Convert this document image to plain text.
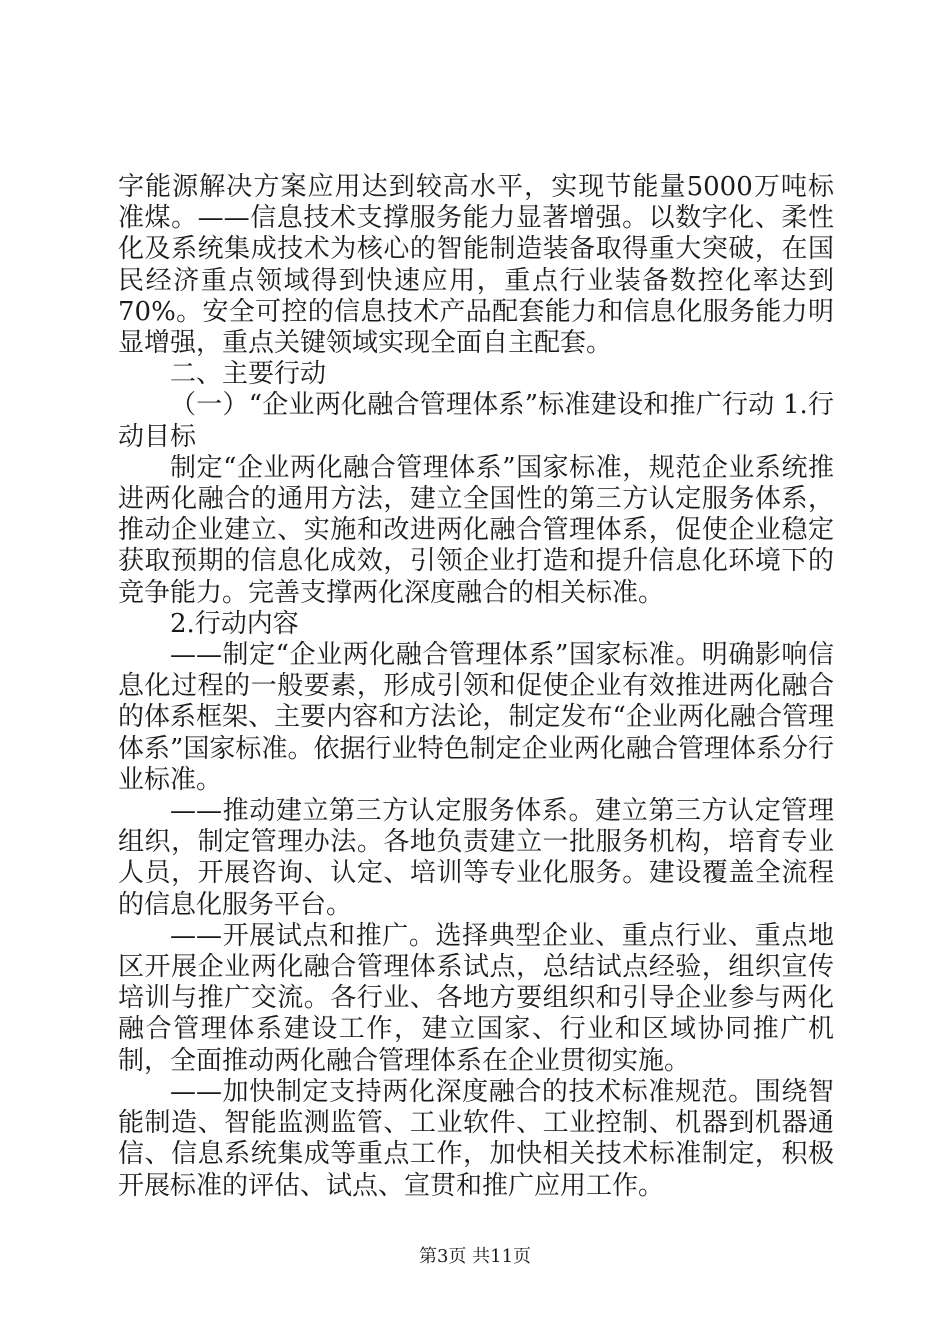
字能源解决方案应用达到较高水平，实现节能量5000万吨标准煤。——信息技术支撑服务能力显著增强。以数字化、柔性化及系统集成技术为核心的智能制造装备取得重大突破，在国民经济重点领域得到快速应用，重点行业装备数控化率达到70%。安全可控的信息技术产品配套能力和信息化服务能力明显增强，重点关键领域实现全面自主配套。

二、主要行动

（一）“企业两化融合管理体系”标准建设和推广行动 1.行动目标

制定“企业两化融合管理体系”国家标准，规范企业系统推进两化融合的通用方法，建立全国性的第三方认定服务体系，推动企业建立、实施和改进两化融合管理体系，促使企业稳定获取预期的信息化成效，引领企业打造和提升信息化环境下的竞争能力。完善支撑两化深度融合的相关标准。

2.行动内容

——制定“企业两化融合管理体系”国家标准。明确影响信息化过程的一般要素，形成引领和促使企业有效推进两化融合的体系框架、主要内容和方法论，制定发布“企业两化融合管理体系”国家标准。依据行业特色制定企业两化融合管理体系分行业标准。

——推动建立第三方认定服务体系。建立第三方认定管理组织，制定管理办法。各地负责建立一批服务机构，培育专业人员，开展咨询、认定、培训等专业化服务。建设覆盖全流程的信息化服务平台。

——开展试点和推广。选择典型企业、重点行业、重点地区开展企业两化融合管理体系试点，总结试点经验，组织宣传培训与推广交流。各行业、各地方要组织和引导企业参与两化融合管理体系建设工作，建立国家、行业和区域协同推广机制，全面推动两化融合管理体系在企业贯彻实施。

——加快制定支持两化深度融合的技术标准规范。围绕智能制造、智能监测监管、工业软件、工业控制、机器到机器通信、信息系统集成等重点工作，加快相关技术标准制定，积极开展标准的评估、试点、宣贯和推广应用工作。

第3页 共11页
